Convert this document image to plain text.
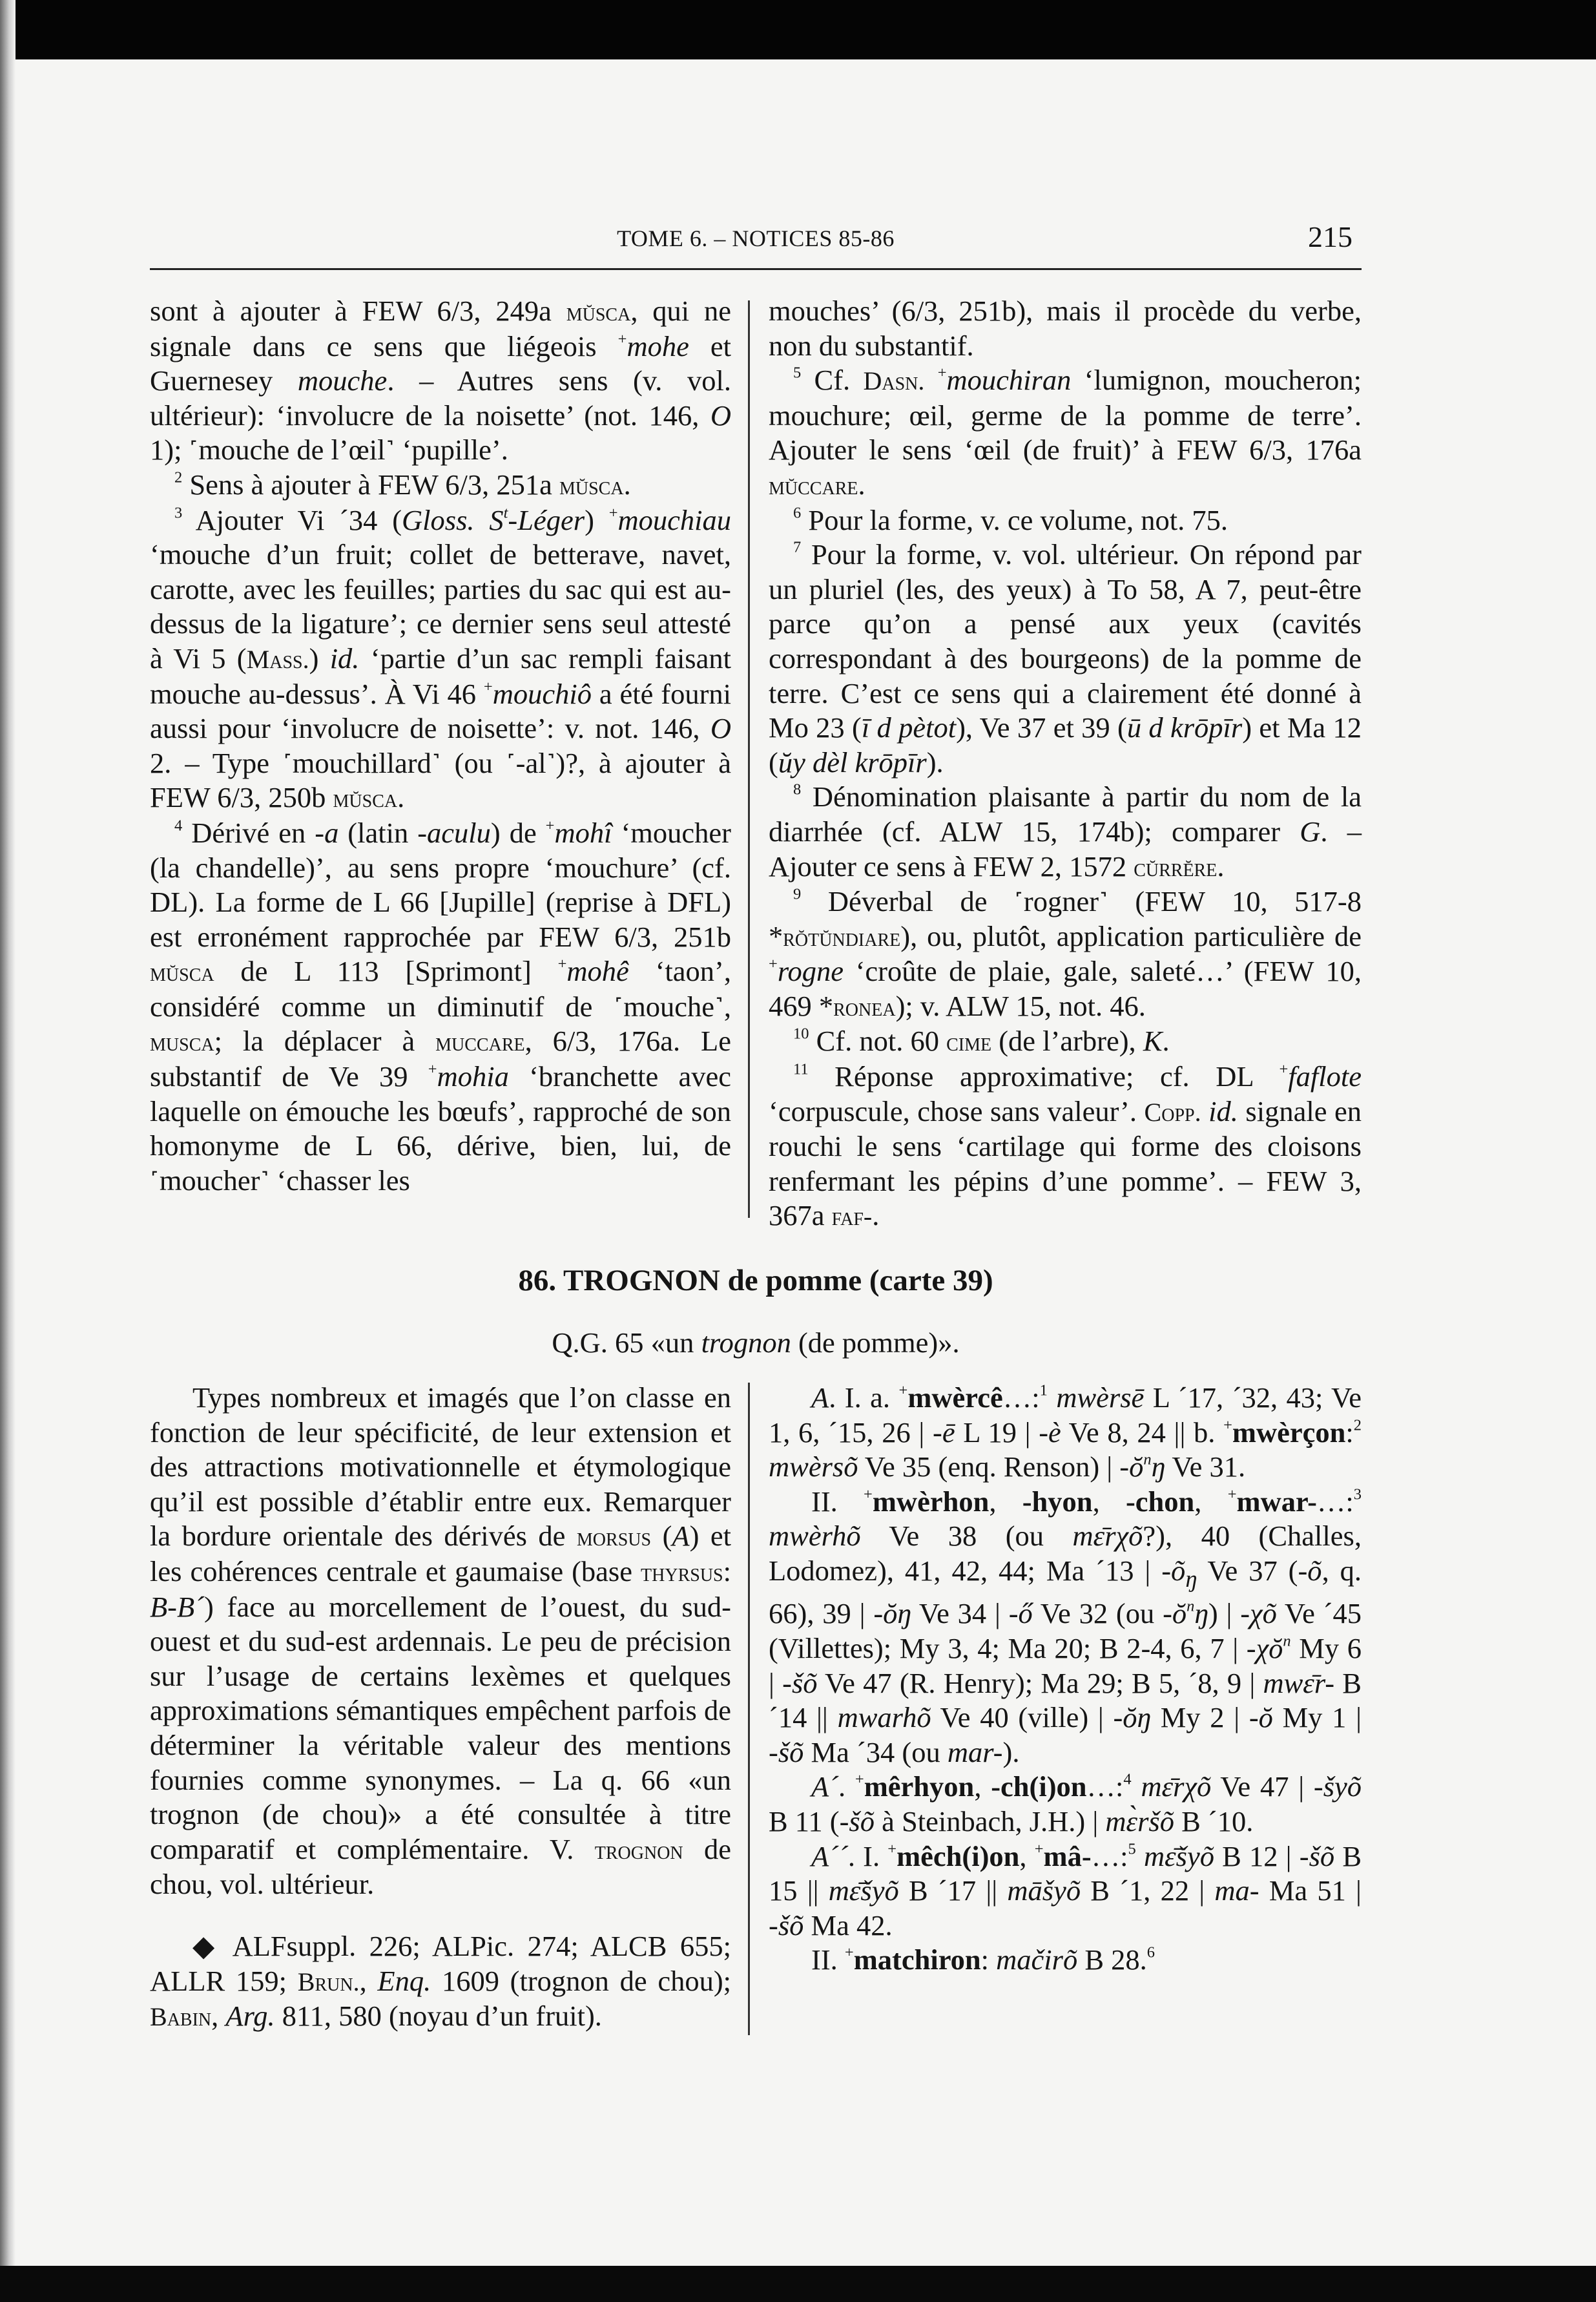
TOME 6. – NOTICES 85-86	215

sont à ajouter à FEW 6/3, 249a mŭsca, qui ne signale dans ce sens que liégeois +mohe et Guernesey mouche. – Autres sens (v. vol. ultérieur): ‘involucre de la noisette’ (not. 146, O 1); ˹mouche de l’œil˺ ‘pupille’.

$^2$ Sens à ajouter à FEW 6/3, 251a mŭsca.

$^3$ Ajouter Vi ´34 (Gloss. $S^t-Léger$) +mouchiau ‘mouche d’un fruit; collet de betterave, navet, carotte, avec les feuilles; parties du sac qui est au-dessus de la ligature’; ce dernier sens seul attesté à Vi 5 (Mass.) id. ‘partie d’un sac rempli faisant mouche au-dessus’. À Vi 46 +mouchiô a été fourni aussi pour ‘involucre de noisette’: v. not. 146, O 2. – Type ˹mouchillard˺ (ou ˹-al˺)?, à ajouter à FEW 6/3, 250b mŭsca.

$^4$ Dérivé en -a (latin -aculu) de +mohî ‘moucher (la chandelle)’, au sens propre ‘mouchure’ (cf. DL). La forme de L 66 [Jupille] (reprise à DFL) est erronément rapprochée par FEW 6/3, 251b mŭsca de L 113 [Sprimont] +mohê ‘taon’, considéré comme un diminutif de ˹mouche˺, musca; la déplacer à muccare, 6/3, 176a. Le substantif de Ve 39 +mohia ‘branchette avec laquelle on émouche les bœufs’, rapproché de son homonyme de L 66, dérive, bien, lui, de ˹moucher˺ ‘chasser les

mouches’ (6/3, 251b), mais il procède du verbe, non du substantif.

$^5$ Cf. Dasn. +mouchiran ‘lumignon, moucheron; mouchure; œil, germe de la pomme de terre’. Ajouter le sens ‘œil (de fruit)’ à FEW 6/3, 176a mŭccare.

$^6$ Pour la forme, v. ce volume, not. 75.

$^7$ Pour la forme, v. vol. ultérieur. On répond par un pluriel (les, des yeux) à To 58, A 7, peut-être parce qu’on a pensé aux yeux (cavités correspondant à des bourgeons) de la pomme de terre. C’est ce sens qui a clairement été donné à Mo 23 (ī d pètot), Ve 37 et 39 (ū d krōpīr) et Ma 12 (ŭy dèl krōpīr).

$^8$ Dénomination plaisante à partir du nom de la diarrhée (cf. ALW 15, 174b); comparer G. – Ajouter ce sens à FEW 2, 1572 cŭrrĕre.

$^9$ Déverbal de ˹rogner˺ (FEW 10, 517-8 *rŏtŭndiare), ou, plutôt, application particulière de +rogne ‘croûte de plaie, gale, saleté…’ (FEW 10, 469 *ronea); v. ALW 15, not. 46.

$^{10}$ Cf. not. 60 cime (de l’arbre), K.

$^{11}$ Réponse approximative; cf. DL +faflote ‘corpuscule, chose sans valeur’. Copp. id. signale en rouchi le sens ‘cartilage qui forme des cloisons renfermant les pépins d’une pomme’. – FEW 3, 367a faf-.

86. TROGNON de pomme (carte 39)
Q.G. 65 «un trognon (de pomme)».

Types nombreux et imagés que l’on classe en fonction de leur spécificité, de leur extension et des attractions motivationnelle et étymologique qu’il est possible d’établir entre eux. Remarquer la bordure orientale des dérivés de morsus (A) et les cohérences centrale et gaumaise (base thyrsus: B-B´) face au morcellement de l’ouest, du sud-ouest et du sud-est ardennais. Le peu de précision sur l’usage de certains lexèmes et quelques approximations sémantiques empêchent parfois de déterminer la véritable valeur des mentions fournies comme synonymes. – La q. 66 «un trognon (de chou)» a été consultée à titre comparatif et complémentaire. V. trognon de chou, vol. ultérieur.

◆ ALFsuppl. 226; ALPic. 274; ALCB 655; ALLR 159; Brun., Enq. 1609 (trognon de chou); Babin, Arg. 811, 580 (noyau d’un fruit).

A. I. a. +mwèrcê…:$^1$ mwèrsē L ´17, ´32, 43; Ve 1, 6, ´15, 26 | -ē L 19 | -è Ve 8, 24 || b. +mwèrçon:$^2$ mwèrsõ Ve 35 (enq. Renson) | $-ŏ^nŋ$ Ve 31.

II. +mwèrhon, -hyon, -chon, +mwar-…:$^3$ mwèrhõ Ve 38 (ou mɛ̄rχõ?), 40 (Challes, Lodomez), 41, 42, 44; Ma ´13 | $-õ_ŋ$ Ve 37 (-õ, q. 66), 39 | -ŏŋ Ve 34 | -ő Ve 32 (ou $-ŏ^nŋ$) | -χõ Ve ´45 (Villettes); My 3, 4; Ma 20; B 2-4, 6, 7 | $-\chi ŏ^n$ My 6 | -šõ Ve 47 (R. Henry); Ma 29; B 5, ´8, 9 | mwɛ̄r- B ´14 || mwarhõ Ve 40 (ville) | -ŏŋ My 2 | -ŏ My 1 | -šõ Ma ´34 (ou mar-).

A´. +mêrhyon, -ch(i)on…:$^4$ mɛ̄rχõ Ve 47 | -šyõ B 11 (-šõ à Steinbach, J.H.) | mɛ̀ršõ B ´10.

A´´. I. +mêch(i)on, +mâ-…:$^5$ mɛ̄šyõ B 12 | -šõ B 15 || mɛ̄šyõ B ´17 || māšyõ B ´1, 22 | ma- Ma 51 | -šõ Ma 42.

II. +matchiron: mačirõ B 28.$^6$
